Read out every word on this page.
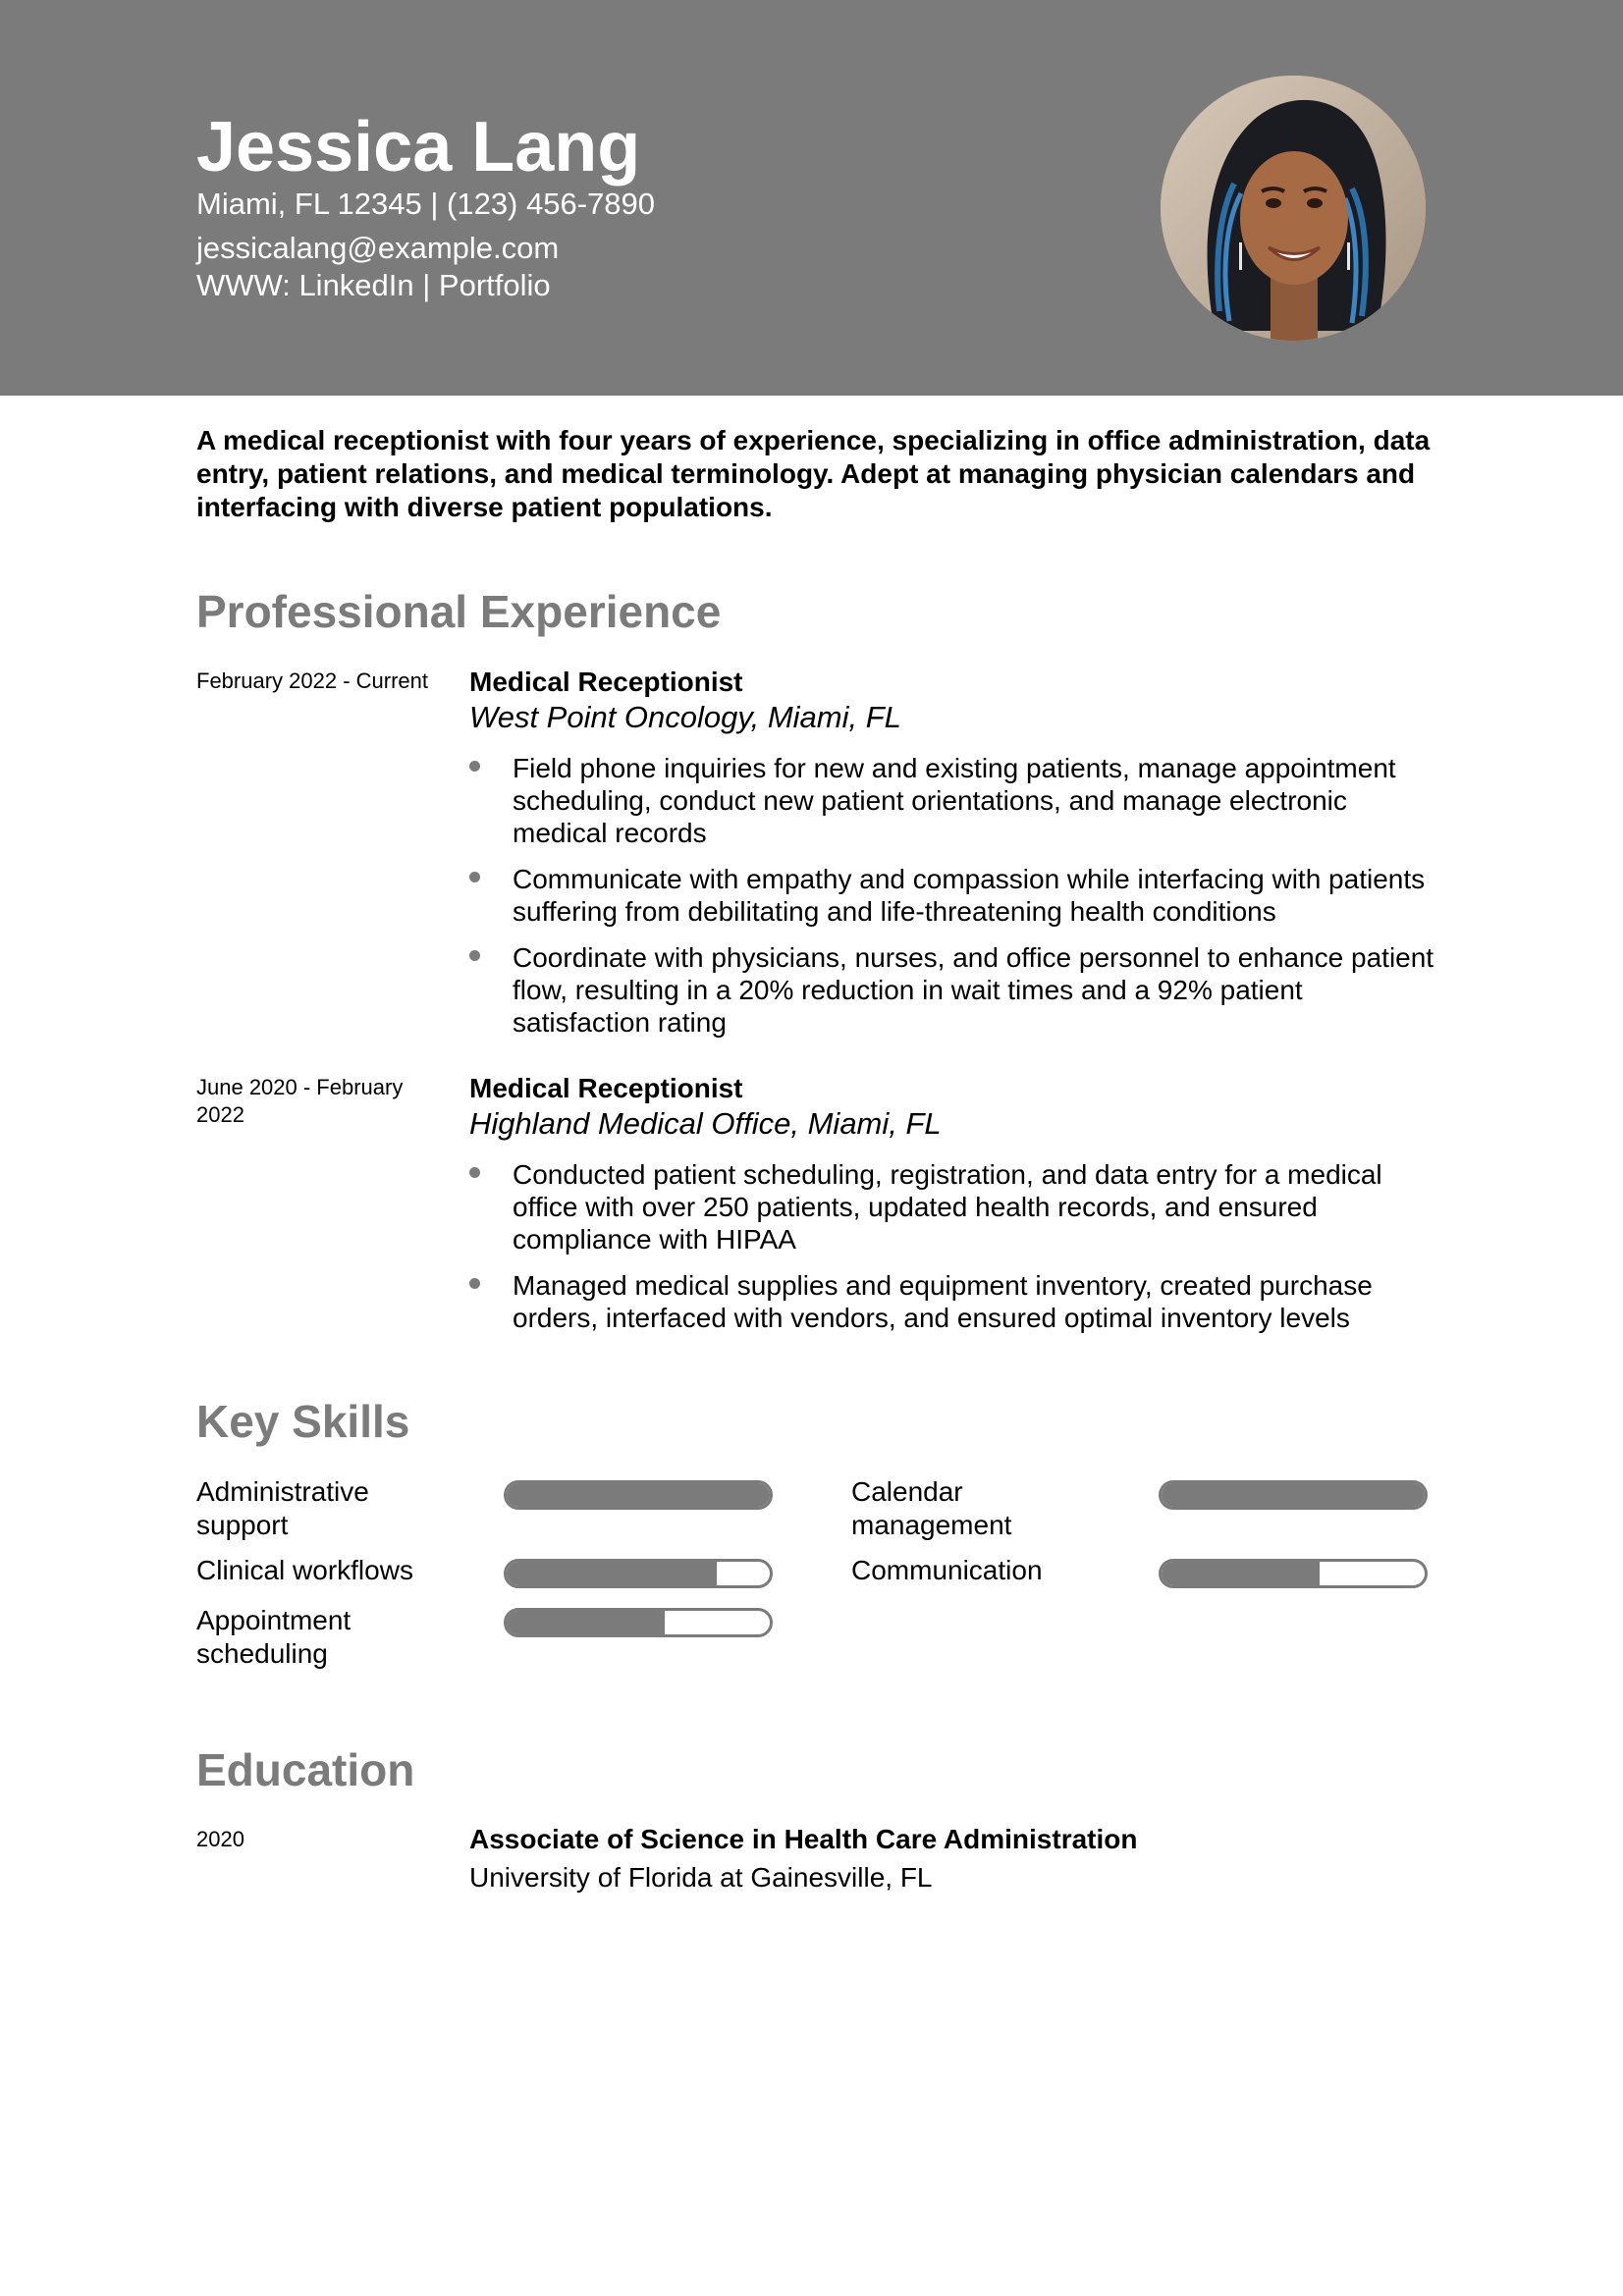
Jessica Lang

Miami, FL 12345 | (123) 456-7890

jessicalang@example.com

WWW: LinkedIn | Portfolio

A medical receptionist with four years of experience, specializing in office administration, data entry, patient relations, and medical terminology. Adept at managing physician calendars and interfacing with diverse patient populations.

Professional Experience

February 2022 - Current Medical Receptionist

West Point Oncology, Miami, FL

Field phone inquiries for new and existing patients, manage appointment scheduling, conduct new patient orientations, and manage electronic medical records
Communicate with empathy and compassion while interfacing with patients suffering from debilitating and life-threatening health conditions
Coordinate with physicians, nurses, and office personnel to enhance patient flow, resulting in a 20% reduction in wait times and a 92% patient satisfaction rating

June 2020 - February 2022

Medical Receptionist

Highland Medical Office, Miami, FL

Conducted patient scheduling, registration, and data entry for a medical office with over 250 patients, updated health records, and ensured compliance with HIPAA
Managed medical supplies and equipment inventory, created purchase orders, interfaced with vendors, and ensured optimal inventory levels
Key Skills

Administrative support

Calendar management

Clinical workflows	Communication

Appointment scheduling

Education

2020	Associate of Science in Health Care Administration

University of Florida at Gainesville, FL
